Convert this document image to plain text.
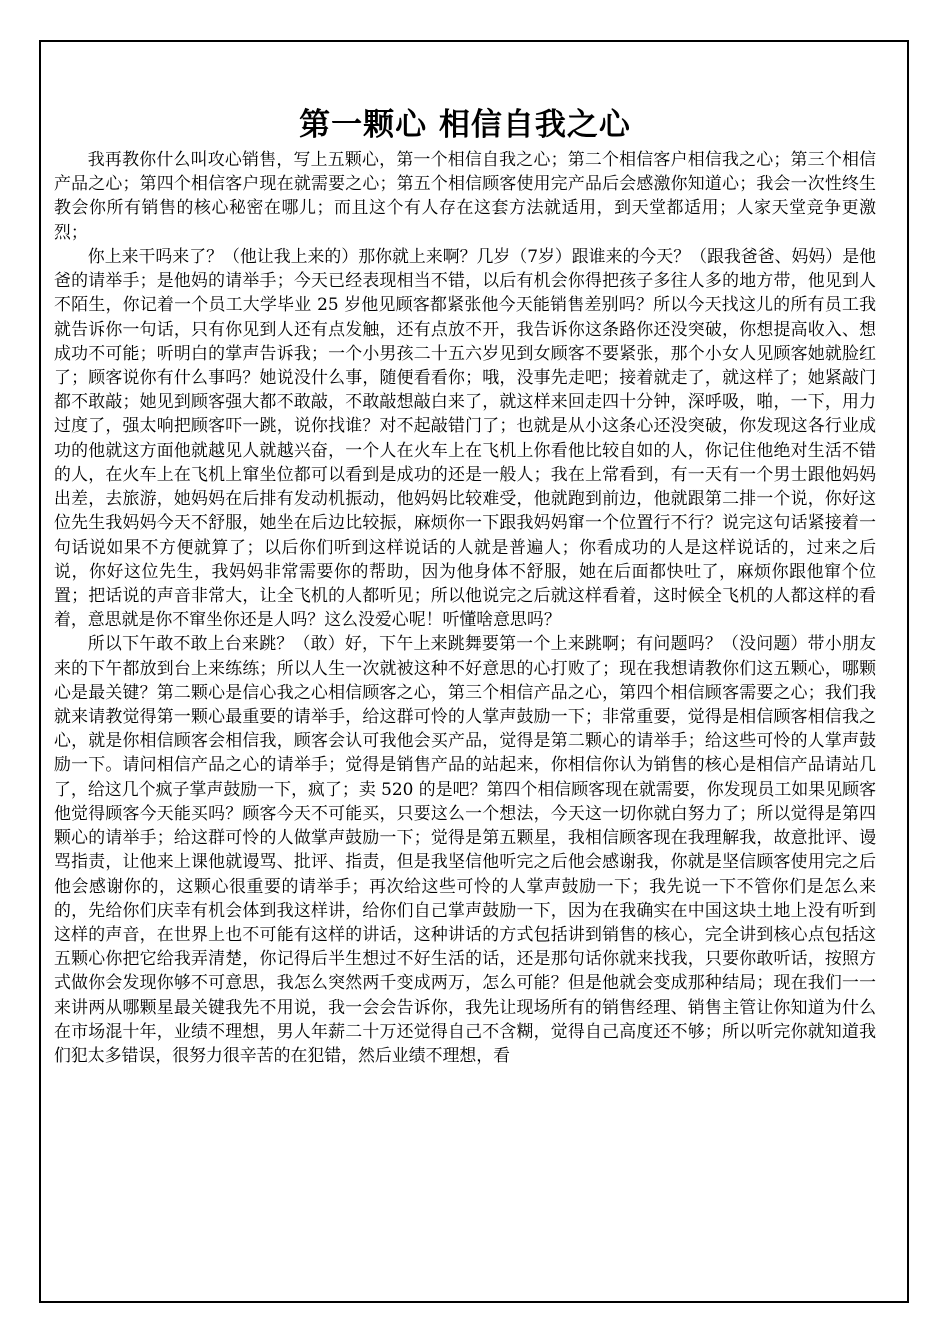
第一颗心 相信自我之心

我再教你什么叫攻心销售，写上五颗心，第一个相信自我之心；第二个相信客户相信我之心；第三个相信产品之心；第四个相信客户现在就需要之心；第五个相信顾客使用完产品后会感激你知道心；我会一次性终生教会你所有销售的核心秘密在哪儿；而且这个有人存在这套方法就适用，到天堂都适用；人家天堂竞争更激烈；

你上来干吗来了？（他让我上来的）那你就上来啊？几岁（7岁）跟谁来的今天？（跟我爸爸、妈妈）是他爸的请举手；是他妈的请举手；今天已经表现相当不错，以后有机会你得把孩子多往人多的地方带，他见到人不陌生，你记着一个员工大学毕业 25 岁他见顾客都紧张他今天能销售差别吗？所以今天找这儿的所有员工我就告诉你一句话，只有你见到人还有点发触，还有点放不开，我告诉你这条路你还没突破，你想提高收入、想成功不可能；听明白的掌声告诉我；一个小男孩二十五六岁见到女顾客不要紧张，那个小女人见顾客她就脸红了；顾客说你有什么事吗？她说没什么事，随便看看你；哦，没事先走吧；接着就走了，就这样了；她紧敲门都不敢敲；她见到顾客强大都不敢敲，不敢敲想敲白来了，就这样来回走四十分钟，深呼吸，啪，一下，用力过度了，强太响把顾客吓一跳，说你找谁？对不起敲错门了；也就是从小这条心还没突破，你发现这各行业成功的他就这方面他就越见人就越兴奋，一个人在火车上在飞机上你看他比较自如的人，你记住他绝对生活不错的人，在火车上在飞机上窜坐位都可以看到是成功的还是一般人；我在上常看到，有一天有一个男士跟他妈妈出差，去旅游，她妈妈在后排有发动机振动，他妈妈比较难受，他就跑到前边，他就跟第二排一个说，你好这位先生我妈妈今天不舒服，她坐在后边比较振，麻烦你一下跟我妈妈窜一个位置行不行？说完这句话紧接着一句话说如果不方便就算了；以后你们听到这样说话的人就是普遍人；你看成功的人是这样说话的，过来之后说，你好这位先生，我妈妈非常需要你的帮助，因为他身体不舒服，她在后面都快吐了，麻烦你跟他窜个位置；把话说的声音非常大，让全飞机的人都听见；所以他说完之后就这样看着，这时候全飞机的人都这样的看着，意思就是你不窜坐你还是人吗？这么没爱心呢！听懂啥意思吗？

所以下午敢不敢上台来跳？（敢）好，下午上来跳舞要第一个上来跳啊；有问题吗？（没问题）带小朋友来的下午都放到台上来练练；所以人生一次就被这种不好意思的心打败了；现在我想请教你们这五颗心，哪颗心是最关键？第二颗心是信心我之心相信顾客之心，第三个相信产品之心，第四个相信顾客需要之心；我们我就来请教觉得第一颗心最重要的请举手，给这群可怜的人掌声鼓励一下；非常重要，觉得是相信顾客相信我之心，就是你相信顾客会相信我，顾客会认可我他会买产品，觉得是第二颗心的请举手；给这些可怜的人掌声鼓励一下。请问相信产品之心的请举手；觉得是销售产品的站起来，你相信你认为销售的核心是相信产品请站几了，给这几个疯子掌声鼓励一下，疯了；卖 520 的是吧？第四个相信顾客现在就需要，你发现员工如果见顾客他觉得顾客今天能买吗？顾客今天不可能买，只要这么一个想法，今天这一切你就白努力了；所以觉得是第四颗心的请举手；给这群可怜的人做掌声鼓励一下；觉得是第五颗星，我相信顾客现在我理解我，故意批评、谩骂指责，让他来上课他就谩骂、批评、指责，但是我坚信他听完之后他会感谢我，你就是坚信顾客使用完之后他会感谢你的，这颗心很重要的请举手；再次给这些可怜的人掌声鼓励一下；我先说一下不管你们是怎么来的，先给你们庆幸有机会体到我这样讲，给你们自己掌声鼓励一下，因为在我确实在中国这块土地上没有听到这样的声音，在世界上也不可能有这样的讲话，这种讲话的方式包括讲到销售的核心，完全讲到核心点包括这五颗心你把它给我弄清楚，你记得后半生想过不好生活的话，还是那句话你就来找我，只要你敢听话，按照方式做你会发现你够不可意思，我怎么突然两千变成两万，怎么可能？但是他就会变成那种结局；现在我们一一来讲两从哪颗星最关键我先不用说，我一会会告诉你，我先让现场所有的销售经理、销售主管让你知道为什么在市场混十年，业绩不理想，男人年薪二十万还觉得自己不含糊，觉得自己高度还不够；所以听完你就知道我们犯太多错误，很努力很辛苦的在犯错，然后业绩不理想，看
